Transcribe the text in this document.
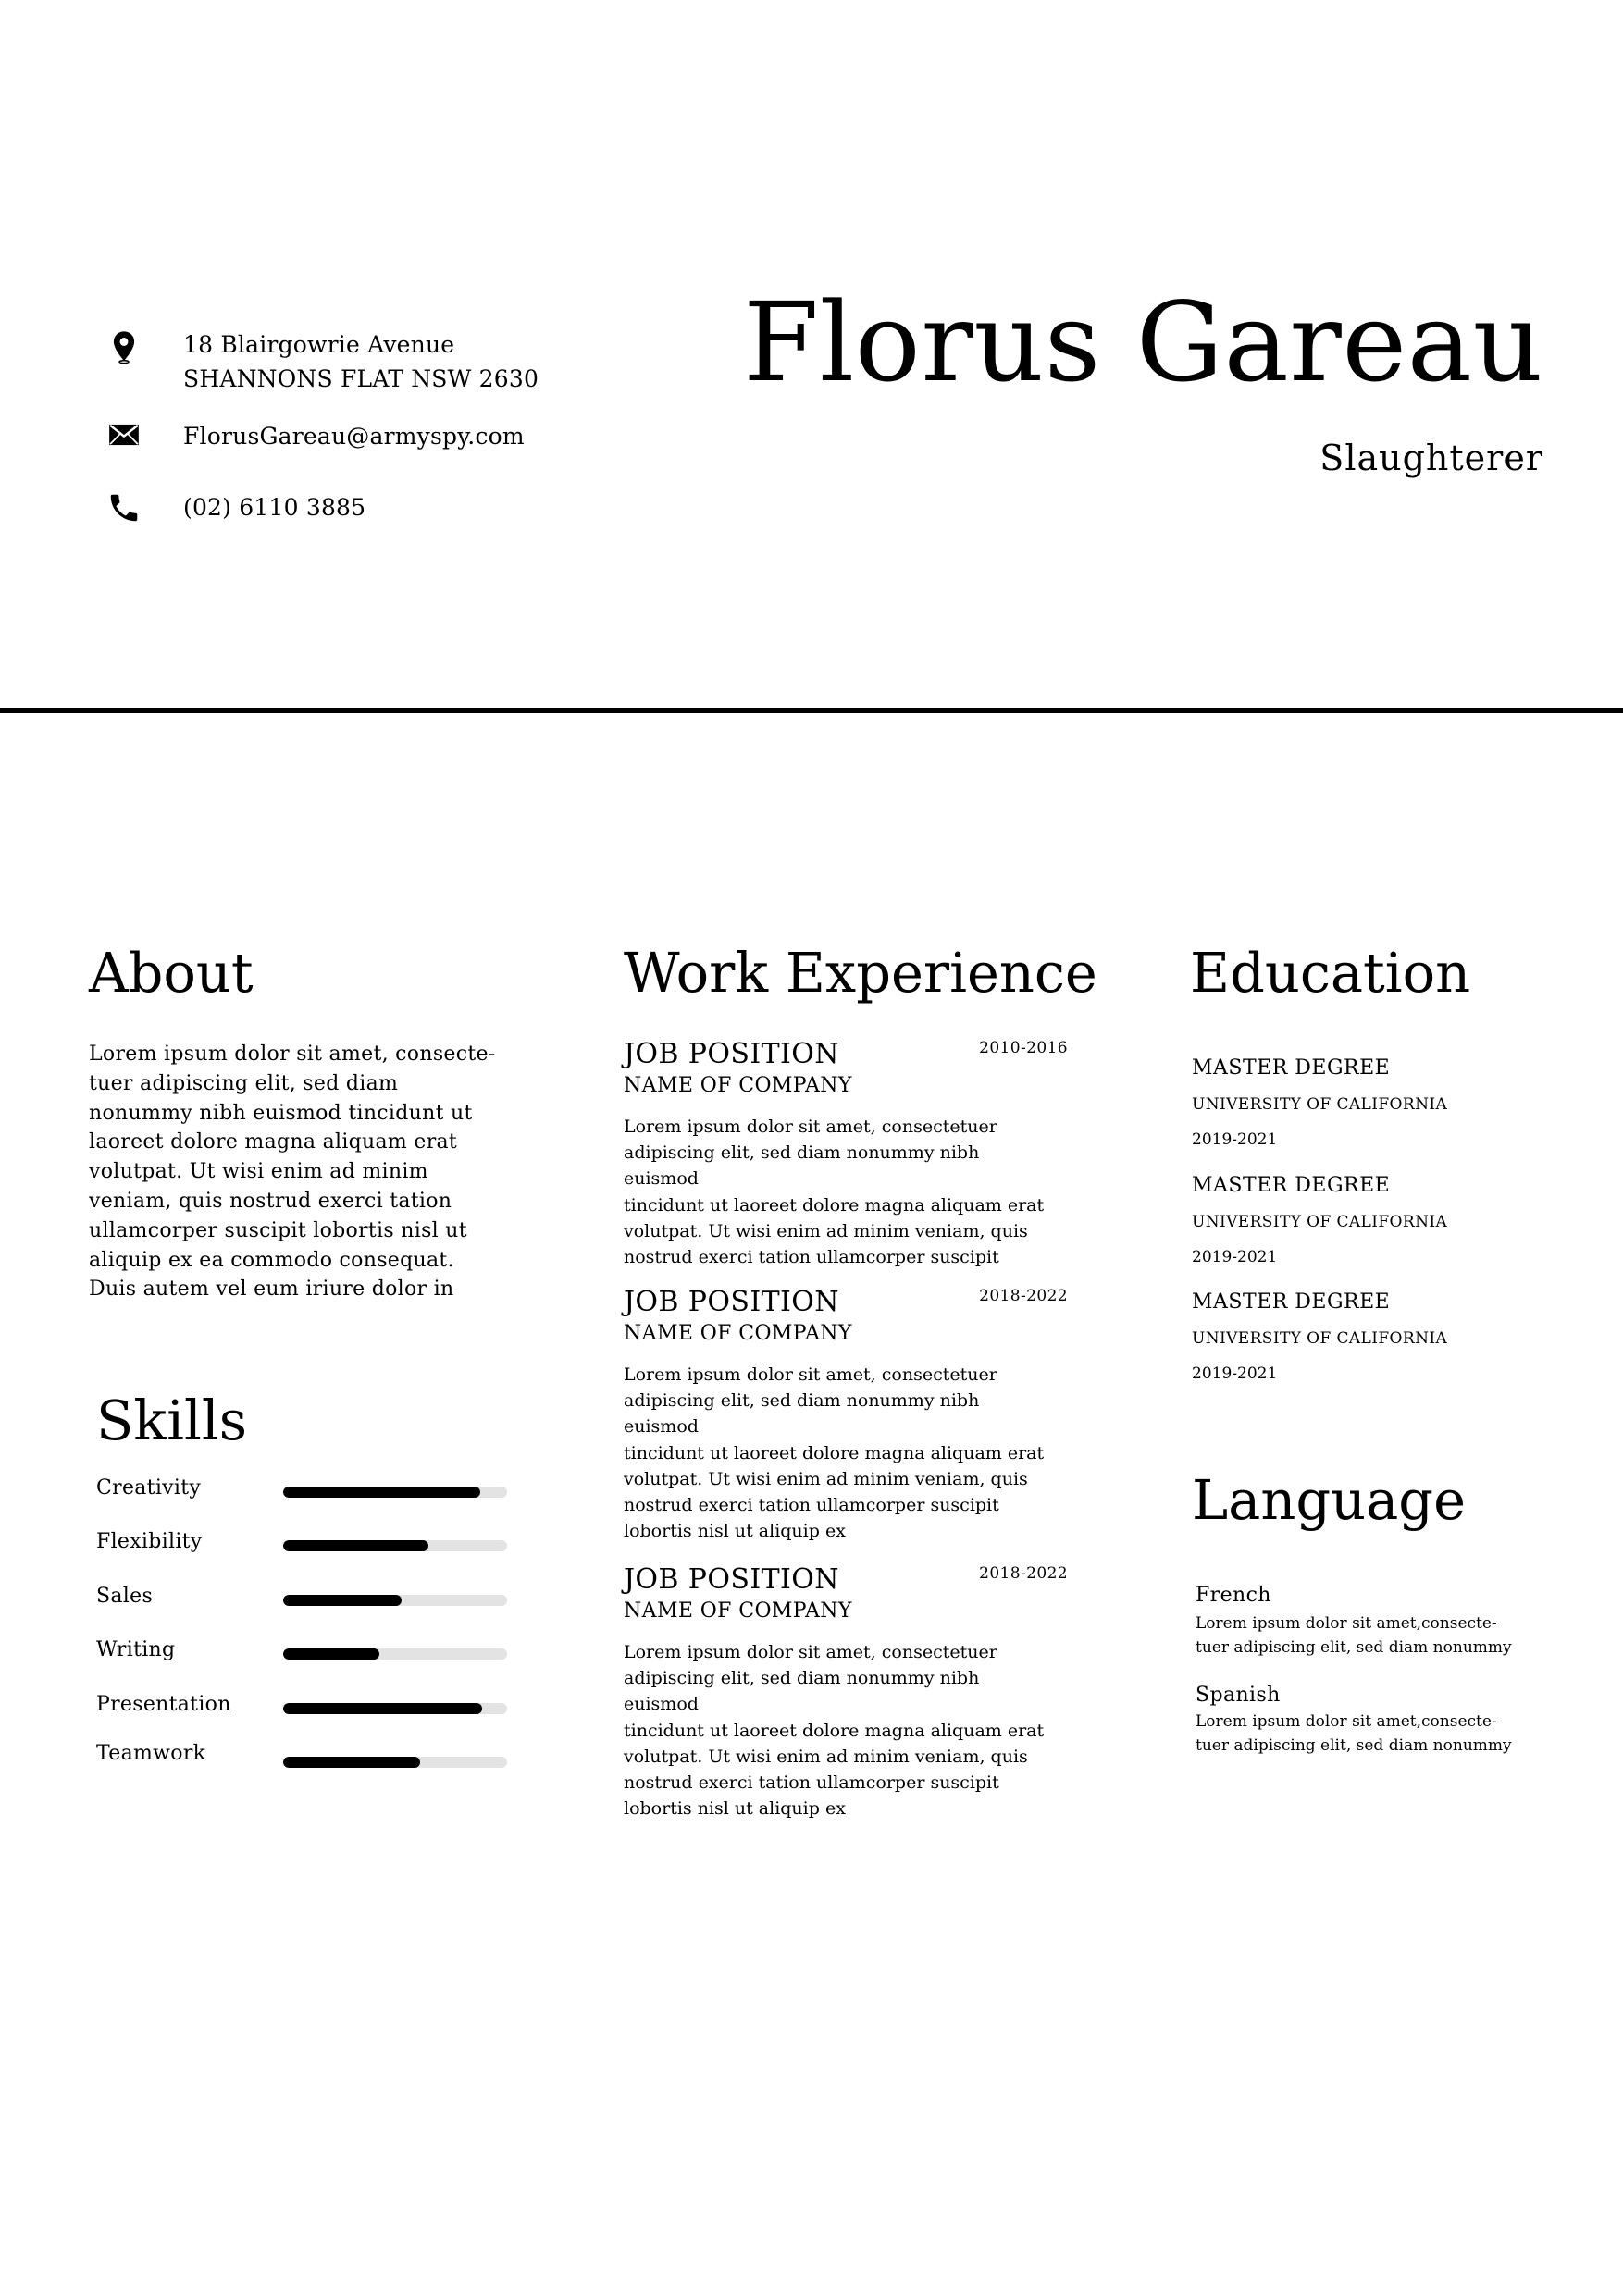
18 Blairgowrie Avenue
SHANNONS FLAT NSW 2630
FlorusGareau@armyspy.com
(02) 6110 3885
Florus Gareau
Slaughterer
About
Lorem ipsum dolor sit amet, consecte-
tuer adipiscing elit, sed diam
nonummy nibh euismod tincidunt ut
laoreet dolore magna aliquam erat
volutpat. Ut wisi enim ad minim
veniam, quis nostrud exerci tation
ullamcorper suscipit lobortis nisl ut
aliquip ex ea commodo consequat.
Duis autem vel eum iriure dolor in
Skills
Creativity
Flexibility
Sales
Writing
Presentation
Teamwork
Work Experience
JOB POSITION	2010-2016
NAME OF COMPANY
Lorem ipsum dolor sit amet, consectetuer
adipiscing elit, sed diam nonummy nibh euismod
tincidunt ut laoreet dolore magna aliquam erat
volutpat. Ut wisi enim ad minim veniam, quis
nostrud exerci tation ullamcorper suscipit
JOB POSITION	2018-2022
NAME OF COMPANY
Lorem ipsum dolor sit amet, consectetuer
adipiscing elit, sed diam nonummy nibh euismod
tincidunt ut laoreet dolore magna aliquam erat
volutpat. Ut wisi enim ad minim veniam, quis
nostrud exerci tation ullamcorper suscipit
lobortis nisl ut aliquip ex
JOB POSITION	2018-2022
NAME OF COMPANY
Lorem ipsum dolor sit amet, consectetuer
adipiscing elit, sed diam nonummy nibh euismod
tincidunt ut laoreet dolore magna aliquam erat
volutpat. Ut wisi enim ad minim veniam, quis
nostrud exerci tation ullamcorper suscipit
lobortis nisl ut aliquip ex
Education
MASTER DEGREE
UNIVERSITY OF CALIFORNIA
2019-2021
MASTER DEGREE
UNIVERSITY OF CALIFORNIA
2019-2021
MASTER DEGREE
UNIVERSITY OF CALIFORNIA
2019-2021
Language
French
Lorem ipsum dolor sit amet,consecte-
tuer adipiscing elit, sed diam nonummy
Spanish
Lorem ipsum dolor sit amet,consecte-
tuer adipiscing elit, sed diam nonummy
